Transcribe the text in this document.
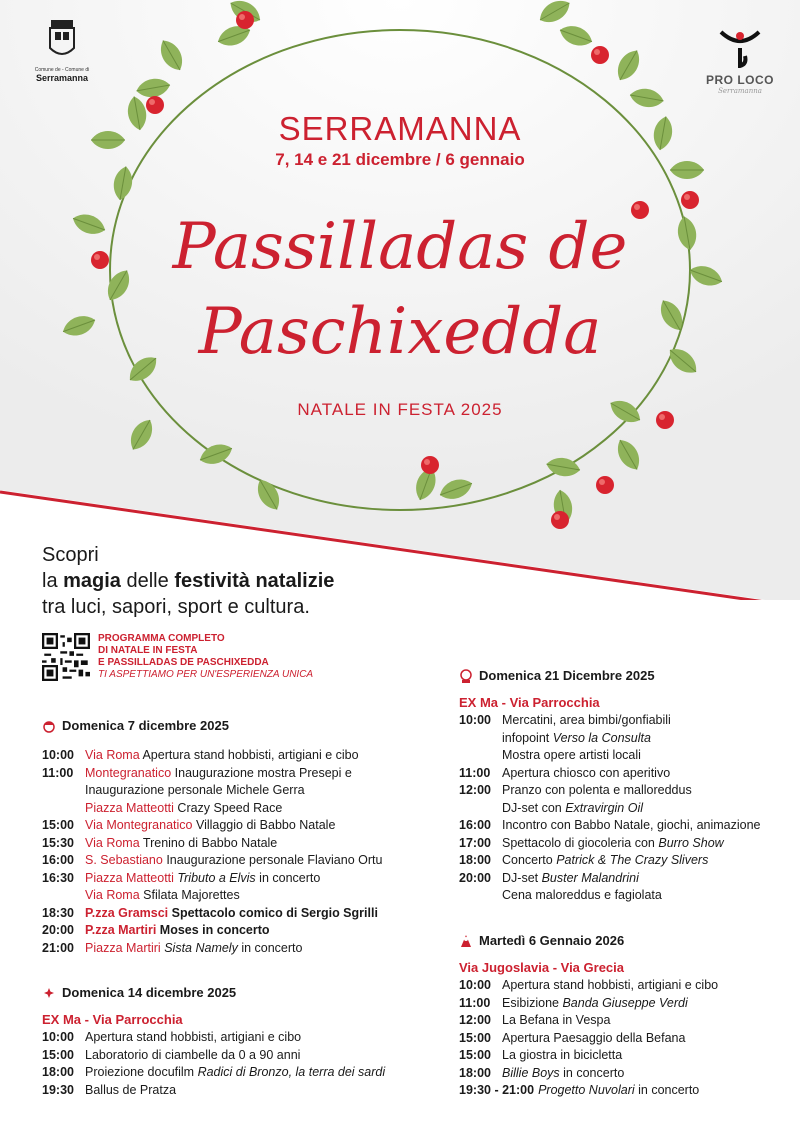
Comune de - Comune di
Serramanna	PRO LOCO
Serramanna
SERRAMANNA
7, 14 e 21 dicembre / 6 gennaio
Passilladas de
Paschixedda
NATALE IN FESTA 2025
Scopri
la magia delle festività natalizie
tra luci, sapori, sport e cultura.
PROGRAMMA COMPLETO
DI NATALE IN FESTA
E PASSILLADAS DE PASCHIXEDDA
TI ASPETTIAMO PER UN'ESPERIENZA UNICA
Domenica 7 dicembre 2025
10:00 Via Roma Apertura stand hobbisti, artigiani e cibo
11:00 Montegranatico Inaugurazione mostra Presepi e
Inaugurazione personale Michele Gerra
Piazza Matteotti Crazy Speed Race
15:00 Via Montegranatico Villaggio di Babbo Natale
15:30 Via Roma Trenino di Babbo Natale
16:00 S. Sebastiano Inaugurazione personale Flaviano Ortu
16:30 Piazza Matteotti Tributo a Elvis in concerto
Via Roma Sfilata Majorettes
18:30 P.zza Gramsci Spettacolo comico di Sergio Sgrilli
20:00 P.zza Martiri Moses in concerto
21:00 Piazza Martiri Sista Namely in concerto
Domenica 14 dicembre 2025
EX Ma - Via Parrocchia
10:00 Apertura stand hobbisti, artigiani e cibo
15:00 Laboratorio di ciambelle da 0 a 90 anni
18:00 Proiezione docufilm Radici di Bronzo, la terra dei sardi
19:30 Ballus de Pratza
Domenica 21 Dicembre 2025
EX Ma - Via Parrocchia
10:00 Mercatini, area bimbi/gonfiabili
infopoint Verso la Consulta
Mostra opere artisti locali
11:00 Apertura chiosco con aperitivo
12:00 Pranzo con polenta e malloreddus
DJ-set con Extravirgin Oil
16:00 Incontro con Babbo Natale, giochi, animazione
17:00 Spettacolo di giocoleria con Burro Show
18:00 Concerto Patrick & The Crazy Slivers
20:00 DJ-set Buster Malandrini
Cena maloreddus e fagiolata
Martedì 6 Gennaio 2026
Via Jugoslavia - Via Grecia
10:00 Apertura stand hobbisti, artigiani e cibo
11:00 Esibizione Banda Giuseppe Verdi
12:00 La Befana in Vespa
15:00 Apertura Paesaggio della Befana
15:00 La giostra in bicicletta
18:00 Billie Boys in concerto
19:30 - 21:00 Progetto Nuvolari in concerto
